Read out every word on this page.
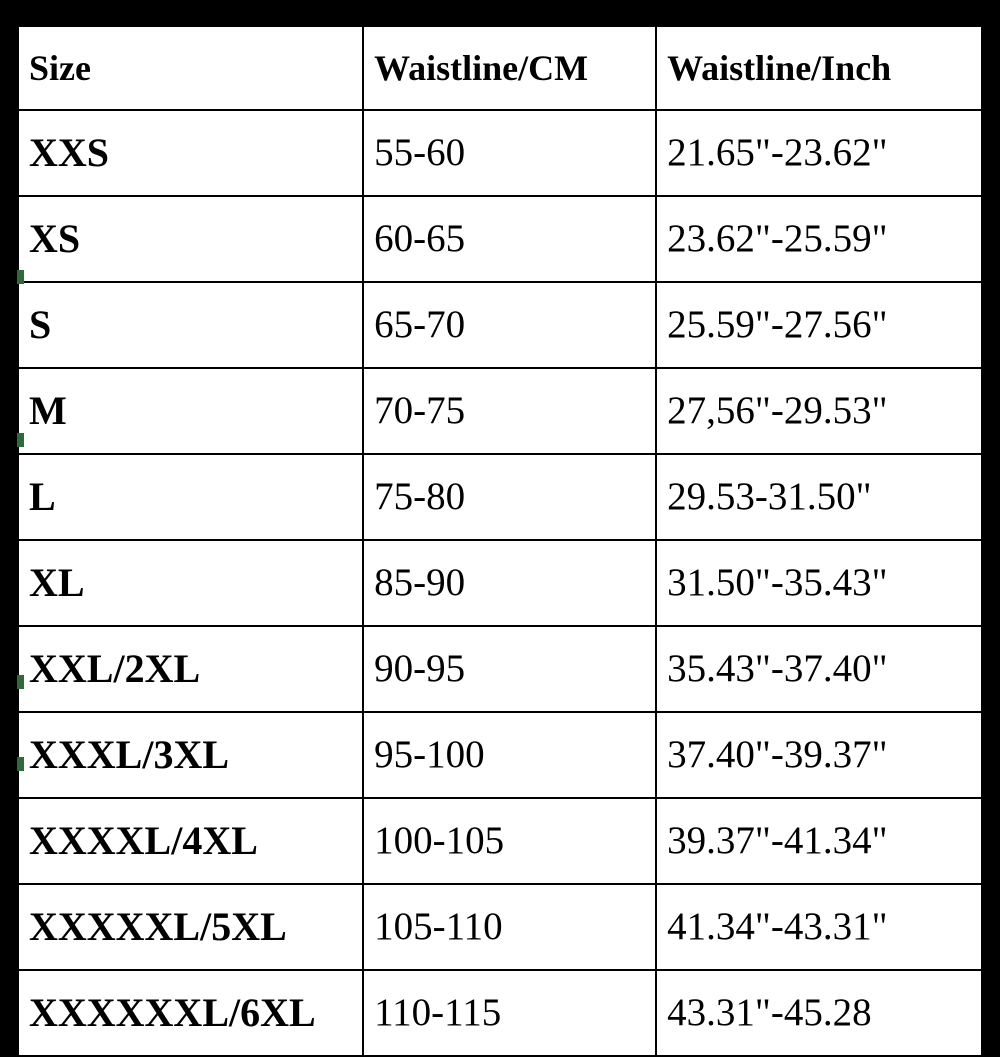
Size	Waistline/CM	Waistline/Inch
XXS	55-60	21.65"-23.62"
XS	60-65	23.62"-25.59"
S	65-70	25.59"-27.56"
M	70-75	27,56"-29.53"
L	75-80	29.53-31.50"
XL	85-90	31.50"-35.43"
XXL/2XL	90-95	35.43"-37.40"
XXXL/3XL	95-100	37.40"-39.37"
XXXXL/4XL	100-105	39.37"-41.34"
XXXXXL/5XL	105-110	41.34"-43.31"
XXXXXXL/6XL	110-115	43.31"-45.28
